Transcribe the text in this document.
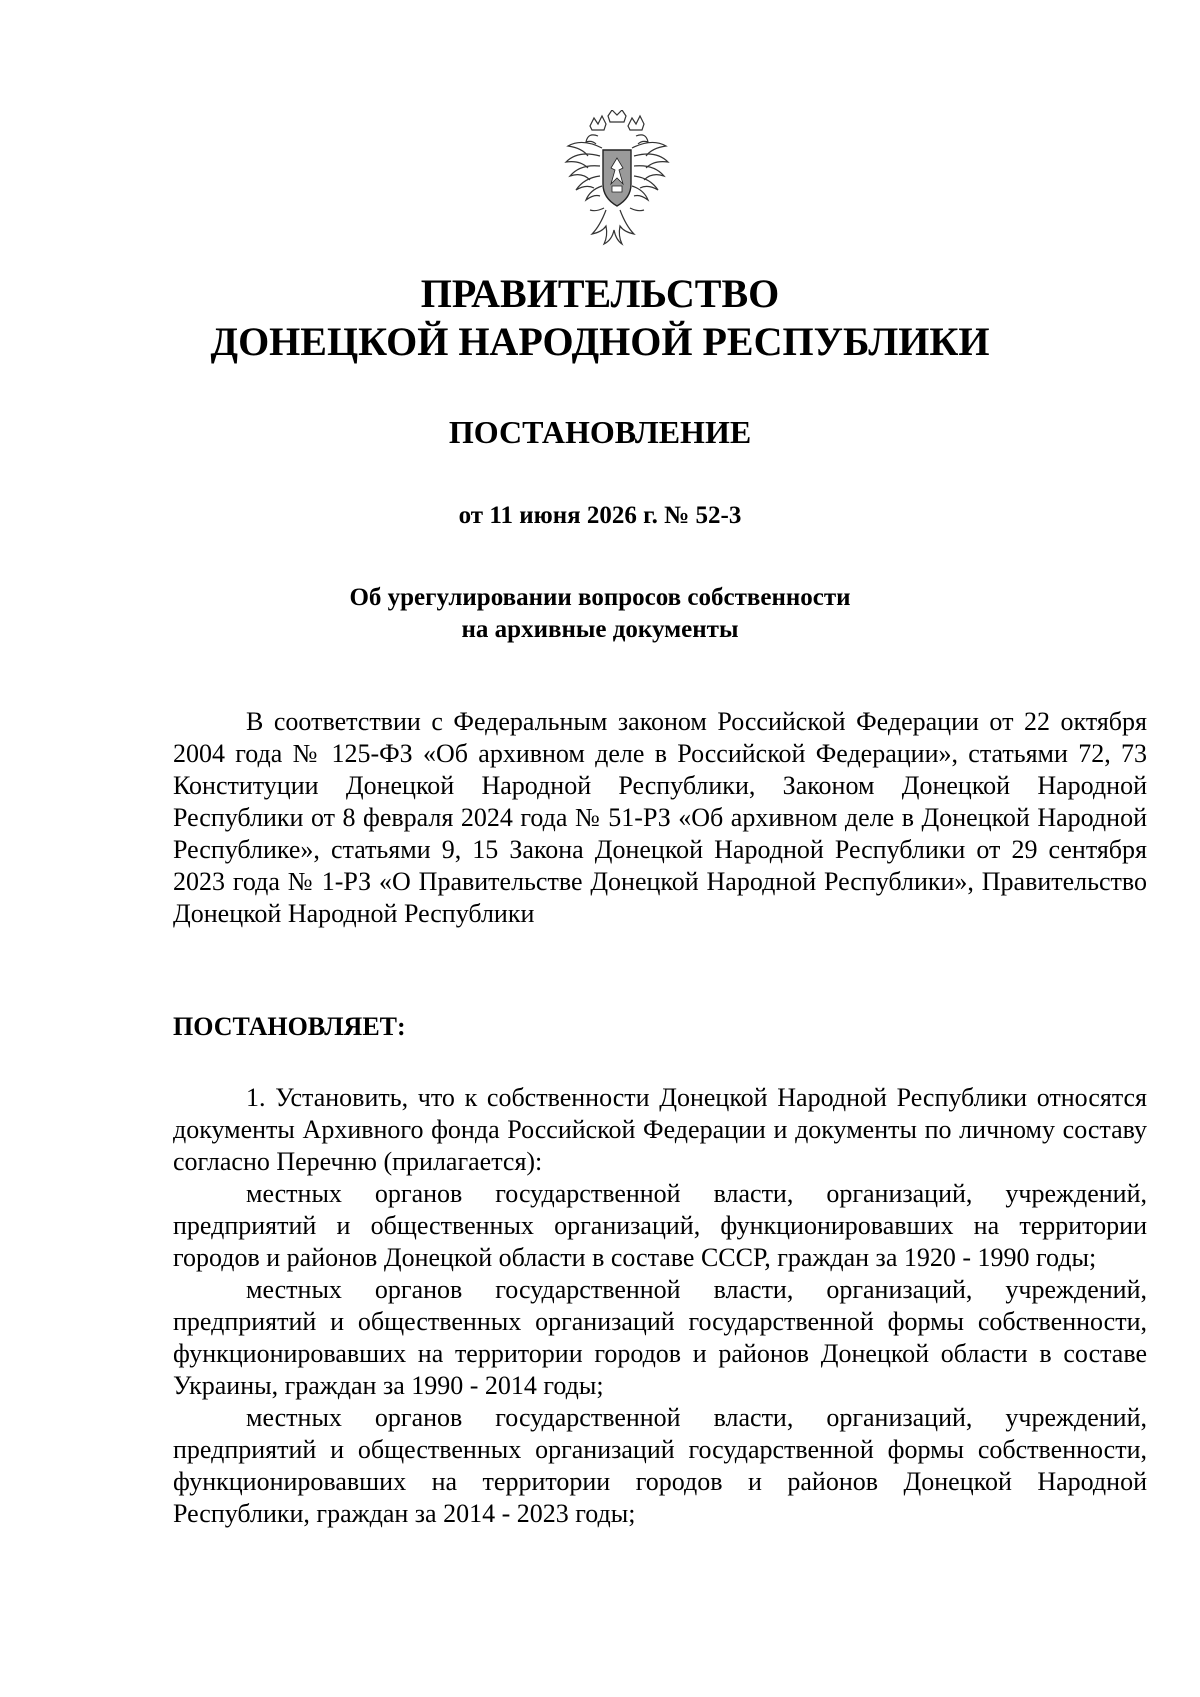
ПРАВИТЕЛЬСТВО
ДОНЕЦКОЙ НАРОДНОЙ РЕСПУБЛИКИ
ПОСТАНОВЛЕНИЕ
от 11 июня 2026 г. № 52-3
Об урегулировании вопросов собственности
на архивные документы

В соответствии с Федеральным законом Российской Федерации от 22 октября 2004 года № 125-ФЗ «Об архивном деле в Российской Федерации», статьями 72, 73 Конституции Донецкой Народной Республики, Законом Донецкой Народной Республики от 8 февраля 2024 года № 51-РЗ «Об архивном деле в Донецкой Народной Республике», статьями 9, 15 Закона Донецкой Народной Республики от 29 сентября 2023 года № 1-РЗ «О Правительстве Донецкой Народной Республики», Правительство Донецкой Народной Республики

ПОСТАНОВЛЯЕТ:

1. Установить, что к собственности Донецкой Народной Республики относятся документы Архивного фонда Российской Федерации и документы по личному составу согласно Перечню (прилагается):

местных органов государственной власти, организаций, учреждений, предприятий и общественных организаций, функционировавших на территории городов и районов Донецкой области в составе СССР, граждан за 1920 - 1990 годы;

местных органов государственной власти, организаций, учреждений, предприятий и общественных организаций государственной формы собственности, функционировавших на территории городов и районов Донецкой области в составе Украины, граждан за 1990 - 2014 годы;

местных органов государственной власти, организаций, учреждений, предприятий и общественных организаций государственной формы собственности, функционировавших на территории городов и районов Донецкой Народной Республики, граждан за 2014 - 2023 годы;
